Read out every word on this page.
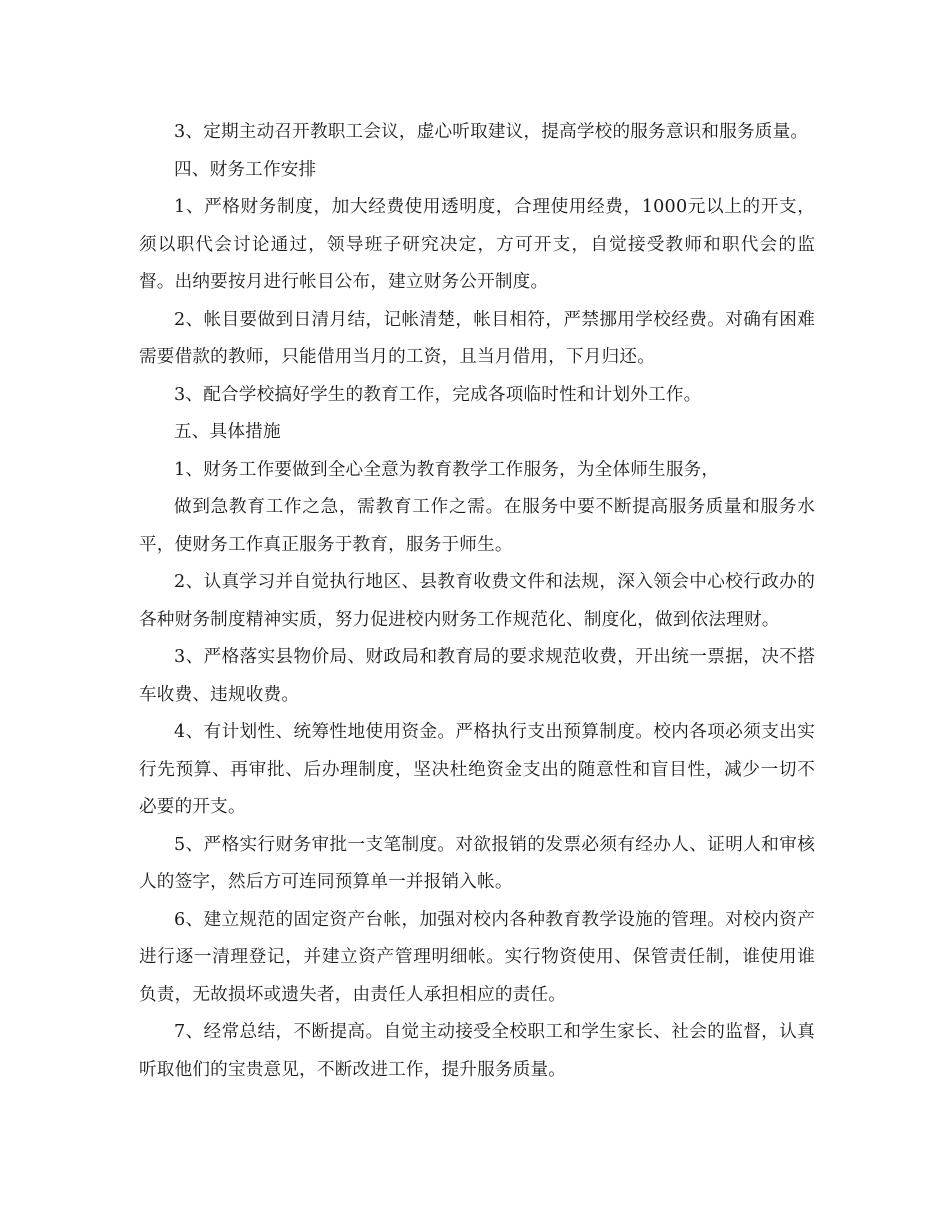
3、定期主动召开教职工会议，虚心听取建议，提高学校的服务意识和服务质量。

四、财务工作安排

1、严格财务制度，加大经费使用透明度，合理使用经费，1000元以上的开支，须以职代会讨论通过，领导班子研究决定，方可开支，自觉接受教师和职代会的监督。出纳要按月进行帐目公布，建立财务公开制度。

2、帐目要做到日清月结，记帐清楚，帐目相符，严禁挪用学校经费。对确有困难需要借款的教师，只能借用当月的工资，且当月借用，下月归还。

3、配合学校搞好学生的教育工作，完成各项临时性和计划外工作。

五、具体措施

1、财务工作要做到全心全意为教育教学工作服务，为全体师生服务，

做到急教育工作之急，需教育工作之需。在服务中要不断提高服务质量和服务水平，使财务工作真正服务于教育，服务于师生。

2、认真学习并自觉执行地区、县教育收费文件和法规，深入领会中心校行政办的各种财务制度精神实质，努力促进校内财务工作规范化、制度化，做到依法理财。

3、严格落实县物价局、财政局和教育局的要求规范收费，开出统一票据，决不搭车收费、违规收费。

4、有计划性、统筹性地使用资金。严格执行支出预算制度。校内各项必须支出实行先预算、再审批、后办理制度，坚决杜绝资金支出的随意性和盲目性，减少一切不必要的开支。

5、严格实行财务审批一支笔制度。对欲报销的发票必须有经办人、证明人和审核人的签字，然后方可连同预算单一并报销入帐。

6、建立规范的固定资产台帐，加强对校内各种教育教学设施的管理。对校内资产进行逐一清理登记，并建立资产管理明细帐。实行物资使用、保管责任制，谁使用谁负责，无故损坏或遗失者，由责任人承担相应的责任。

7、经常总结，不断提高。自觉主动接受全校职工和学生家长、社会的监督，认真听取他们的宝贵意见，不断改进工作，提升服务质量。
